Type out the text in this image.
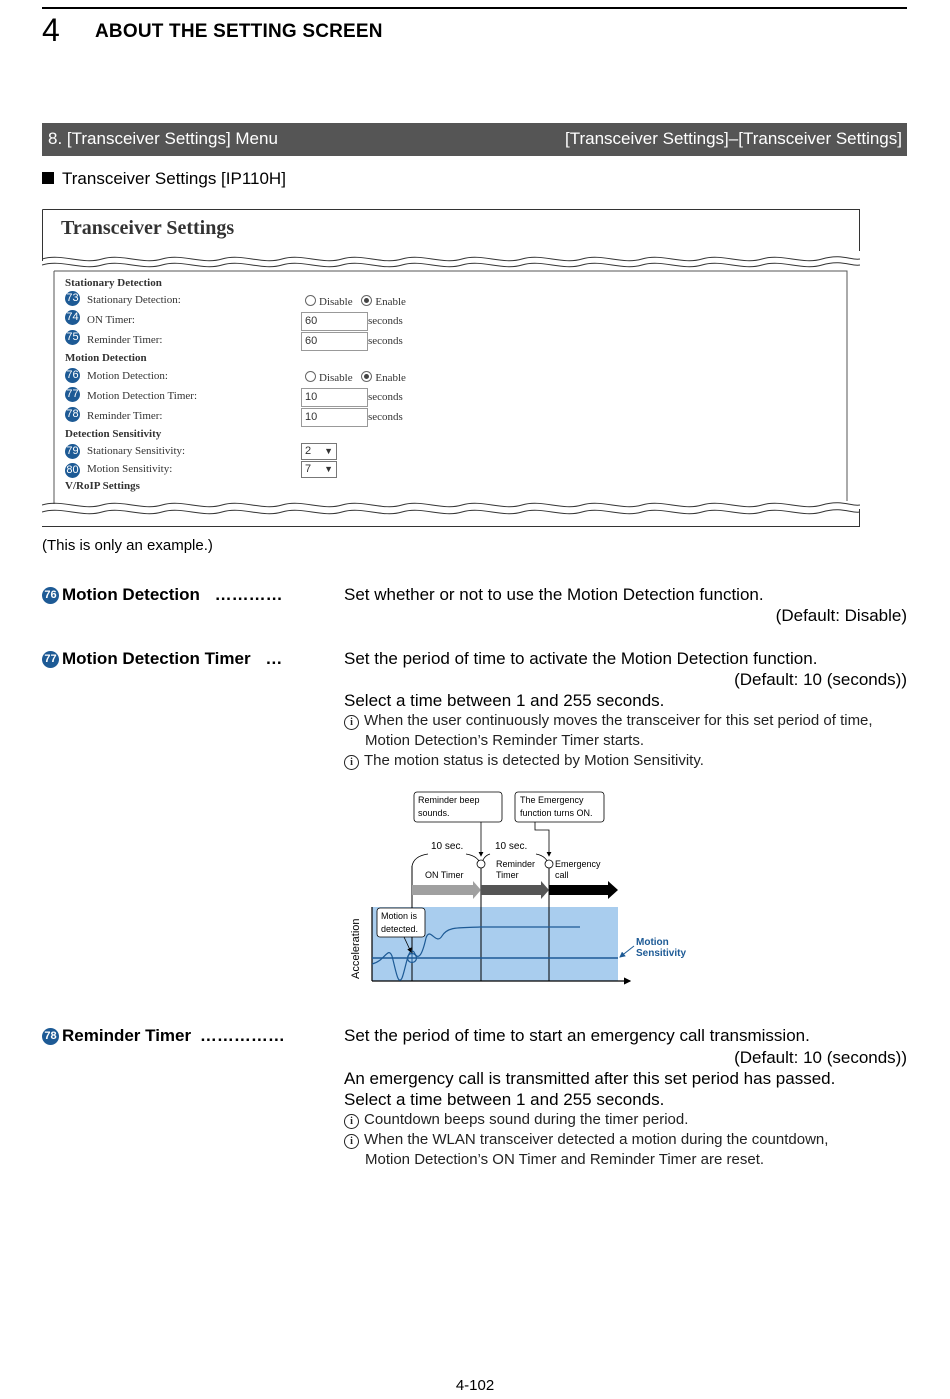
4 ABOUT THE SETTING SCREEN
8. [Transceiver Settings] Menu	[Transceiver Settings]–[Transceiver Settings]
Transceiver Settings [IP110H]
Transceiver Settings
Stationary Detection
73 Stationary Detection:	Disable Enable
74 ON Timer:	60	seconds
75 Reminder Timer:	60	seconds
Motion Detection
76 Motion Detection:	Disable Enable
77 Motion Detection Timer:	10	seconds
78 Reminder Timer:	10	seconds
Detection Sensitivity
79 Stationary Sensitivity:	2 ▼
80 Motion Sensitivity:	7 ▼
V/RoIP Settings
(This is only an example.)
76 Motion Detection …………	Set whether or not to use the Motion Detection function.
(Default: Disable)
77 Motion Detection Timer …	Set the period of time to activate the Motion Detection function.
(Default: 10 (seconds))
Select a time between 1 and 255 seconds.
i When the user continuously moves the transceiver for this set period of time,
Motion Detection’s Reminder Timer starts.
i The motion status is detected by Motion Sensitivity.
10 sec.	10 sec.
Reminder beep
sounds.
The Emergency
function turns ON.
ON Timer
Reminder
Timer
Emergency
call
Motion is
detected.
Acceleration	Motion
Sensitivity
78 Reminder Timer ……………	Set the period of time to start an emergency call transmission.
(Default: 10 (seconds))
An emergency call is transmitted after this set period has passed.
Select a time between 1 and 255 seconds.
i Countdown beeps sound during the timer period.
i When the WLAN transceiver detected a motion during the countdown,
Motion Detection’s ON Timer and Reminder Timer are reset.
4-102
